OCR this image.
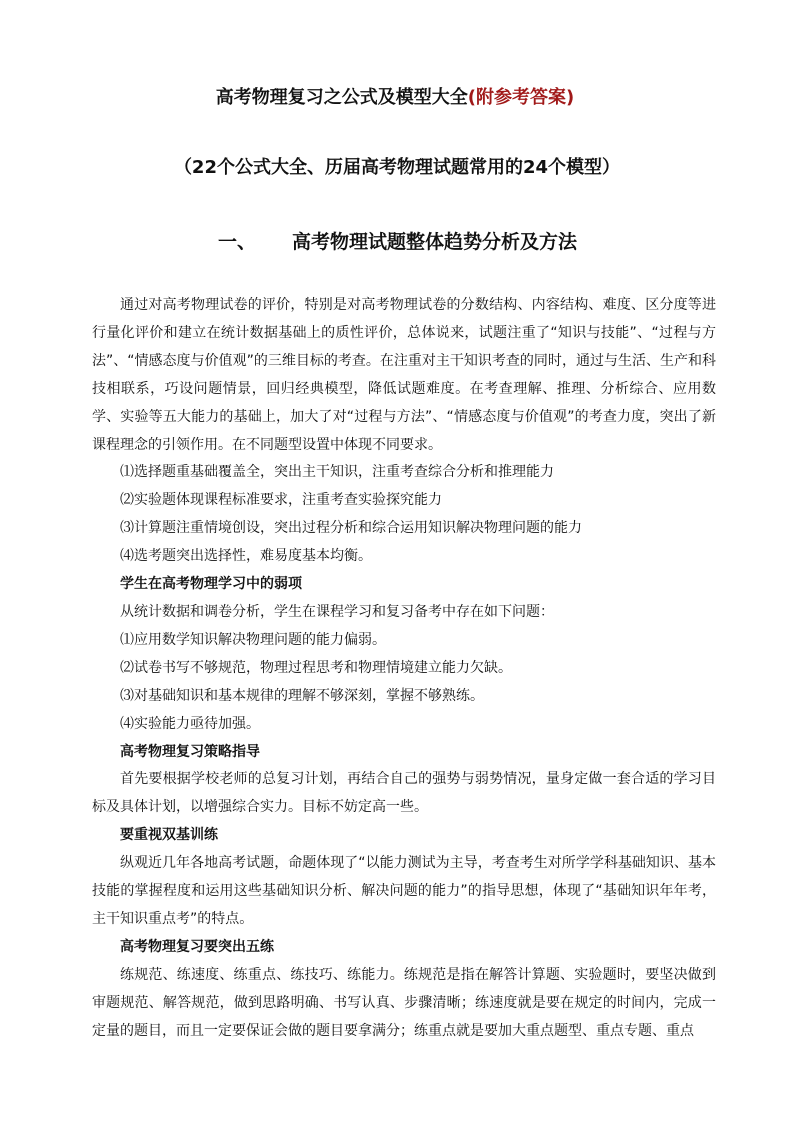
高考物理复习之公式及模型大全(附参考答案)
（22个公式大全、历届高考物理试题常用的24个模型）
一、 高考物理试题整体趋势分析及方法

通过对高考物理试卷的评价，特别是对高考物理试卷的分数结构、内容结构、难度、区分度等进行量化评价和建立在统计数据基础上的质性评价，总体说来，试题注重了“知识与技能”、“过程与方法”、“情感态度与价值观”的三维目标的考查。在注重对主干知识考查的同时，通过与生活、生产和科技相联系，巧设问题情景，回归经典模型，降低试题难度。在考查理解、推理、分析综合、应用数学、实验等五大能力的基础上，加大了对“过程与方法”、“情感态度与价值观”的考查力度，突出了新课程理念的引领作用。在不同题型设置中体现不同要求。

⑴选择题重基础覆盖全，突出主干知识，注重考查综合分析和推理能力

⑵实验题体现课程标准要求，注重考查实验探究能力

⑶计算题注重情境创设，突出过程分析和综合运用知识解决物理问题的能力

⑷选考题突出选择性，难易度基本均衡。

学生在高考物理学习中的弱项

从统计数据和调卷分析，学生在课程学习和复习备考中存在如下问题：

⑴应用数学知识解决物理问题的能力偏弱。

⑵试卷书写不够规范，物理过程思考和物理情境建立能力欠缺。

⑶对基础知识和基本规律的理解不够深刻，掌握不够熟练。

⑷实验能力亟待加强。

高考物理复习策略指导

首先要根据学校老师的总复习计划，再结合自己的强势与弱势情况，量身定做一套合适的学习目标及具体计划，以增强综合实力。目标不妨定高一些。

要重视双基训练

纵观近几年各地高考试题，命题体现了“以能力测试为主导，考查考生对所学学科基础知识、基本技能的掌握程度和运用这些基础知识分析、解决问题的能力”的指导思想，体现了“基础知识年年考，主干知识重点考”的特点。

高考物理复习要突出五练

练规范、练速度、练重点、练技巧、练能力。练规范是指在解答计算题、实验题时，要坚决做到审题规范、解答规范，做到思路明确、书写认真、步骤清晰；练速度就是要在规定的时间内，完成一定量的题目，而且一定要保证会做的题目要拿满分；练重点就是要加大重点题型、重点专题、重点
